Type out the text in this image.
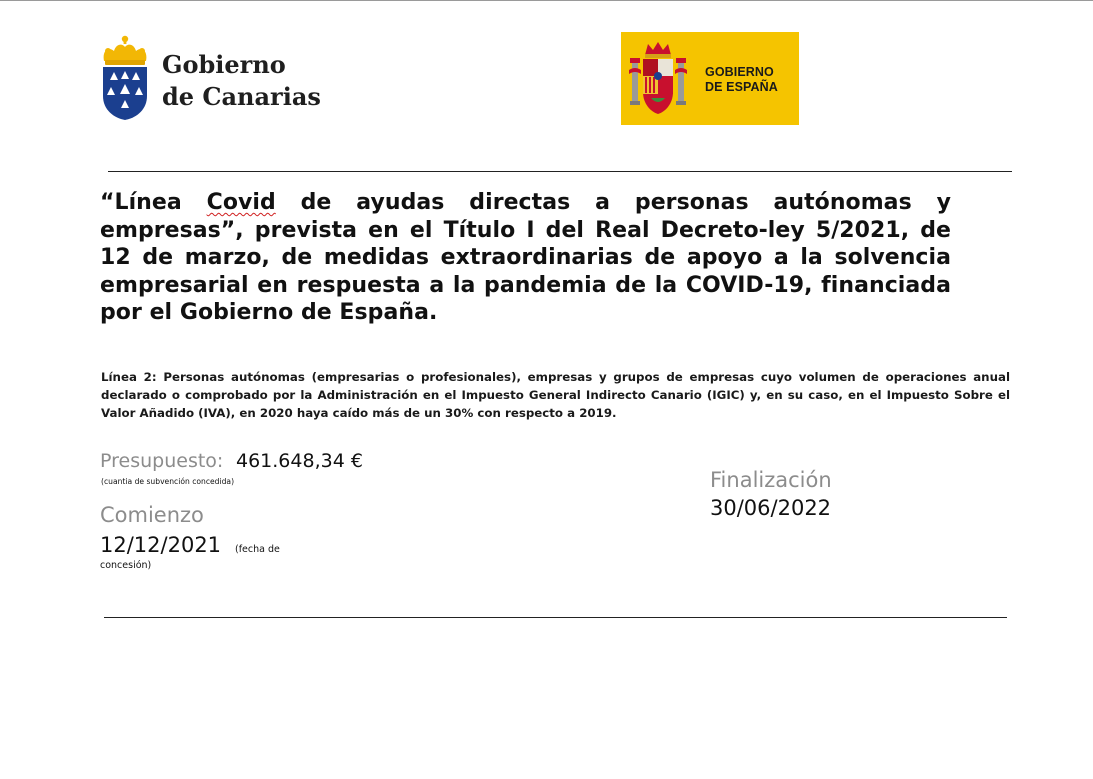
Gobierno
de Canarias
GOBIERNO
DE ESPAÑA
“Línea Covid de ayudas directas a personas autónomas y empresas”, prevista en el Título I del Real Decreto-ley 5/2021, de 12 de marzo, de medidas extraordinarias de apoyo a la solvencia empresarial en respuesta a la pandemia de la COVID-19, financiada por el Gobierno de España.
Línea 2: Personas autónomas (empresarias o profesionales), empresas y grupos de empresas cuyo volumen de operaciones anual declarado o comprobado por la Administración en el Impuesto General Indirecto Canario (IGIC) y, en su caso, en el Impuesto Sobre el Valor Añadido (IVA), en 2020 haya caído más de un 30% con respecto a 2019.
Presupuesto: 461.648,34 €
(cuantia de subvención concedida)
Comienzo
12/12/2021 (fecha de
concesión)
Finalización
30/06/2022
